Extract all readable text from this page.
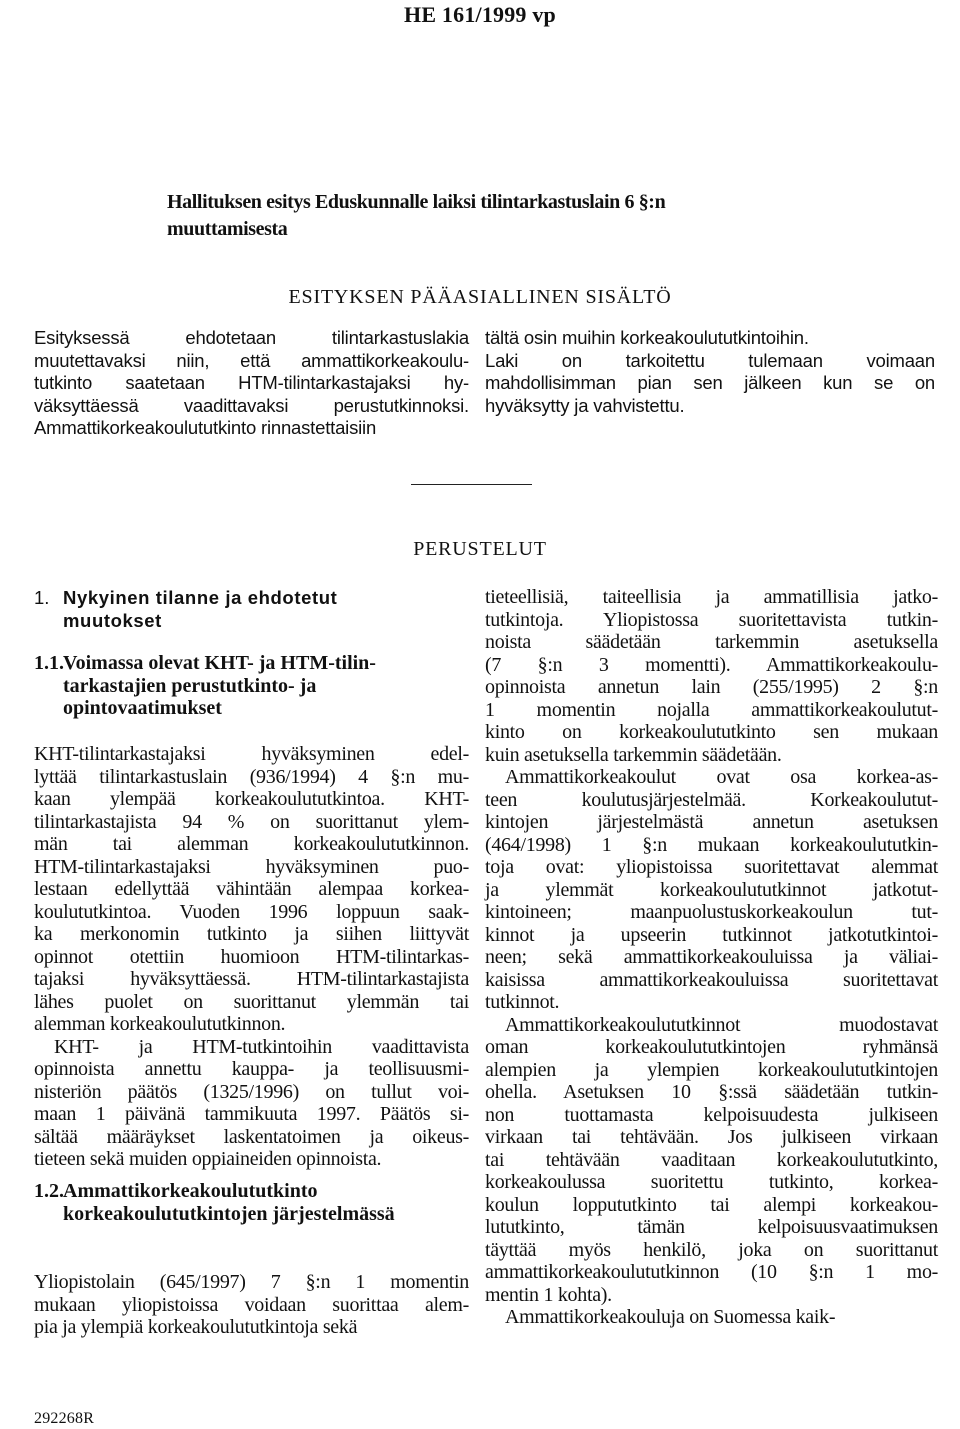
HE 161/1999 vp
Hallituksen esitys Eduskunnalle laiksi tilintarkastuslain 6 §:n
muuttamisesta
ESITYKSEN PÄÄASIALLINEN SISÄLTÖ
Esityksessä ehdotetaan tilintarkastuslakia
muutettavaksi niin, että ammattikorkeakoulu-
tutkinto saatetaan HTM-tilintarkastajaksi hy-
väksyttäessä vaadittavaksi perustutkinnoksi.
Ammattikorkeakoulututkinto rinnastettaisiin
tältä osin muihin korkeakoulututkintoihin.
Laki on tarkoitettu tulemaan voimaan
mahdollisimman pian sen jälkeen kun se on
hyväksytty ja vahvistettu.
PERUSTELUT
1. Nykyinen tilanne ja ehdotetut
muutokset
1.1.Voimassa olevat KHT- ja HTM-tilin-
tarkastajien perustutkinto- ja
opintovaatimukset
KHT-tilintarkastajaksi hyväksyminen edel-
lyttää tilintarkastuslain (936/1994) 4 §:n mu-
kaan ylempää korkeakoulututkintoa. KHT-
tilintarkastajista 94 % on suorittanut ylem-
män tai alemman korkeakoulututkinnon.
HTM-tilintarkastajaksi hyväksyminen puo-
lestaan edellyttää vähintään alempaa korkea-
koulututkintoa. Vuoden 1996 loppuun saak-
ka merkonomin tutkinto ja siihen liittyvät
opinnot otettiin huomioon HTM-tilintarkas-
tajaksi hyväksyttäessä. HTM-tilintarkastajista
lähes puolet on suorittanut ylemmän tai
alemman korkeakoulututkinnon.
KHT- ja HTM-tutkintoihin vaadittavista
opinnoista annettu kauppa- ja teollisuusmi-
nisteriön päätös (1325/1996) on tullut voi-
maan 1 päivänä tammikuuta 1997. Päätös si-
sältää määräykset laskentatoimen ja oikeus-
tieteen sekä muiden oppiaineiden opinnoista.
1.2.Ammattikorkeakoulututkinto
korkeakoulututkintojen järjestelmässä
Yliopistolain (645/1997) 7 §:n 1 momentin
mukaan yliopistoissa voidaan suorittaa alem-
pia ja ylempiä korkeakoulututkintoja sekä
tieteellisiä, taiteellisia ja ammatillisia jatko-
tutkintoja. Yliopistossa suoritettavista tutkin-
noista säädetään tarkemmin asetuksella
(7 §:n 3 momentti). Ammattikorkeakoulu-
opinnoista annetun lain (255/1995) 2 §:n
1 momentin nojalla ammattikorkeakoulutut-
kinto on korkeakoulututkinto sen mukaan
kuin asetuksella tarkemmin säädetään.
Ammattikorkeakoulut ovat osa korkea-as-
teen koulutusjärjestelmää. Korkeakoulutut-
kintojen järjestelmästä annetun asetuksen
(464/1998) 1 §:n mukaan korkeakoulututkin-
toja ovat: yliopistoissa suoritettavat alemmat
ja ylemmät korkeakoulututkinnot jatkotut-
kintoineen; maanpuolustuskorkeakoulun tut-
kinnot ja upseerin tutkinnot jatkotutkintoi-
neen; sekä ammattikorkeakouluissa ja väliai-
kaisissa ammattikorkeakouluissa suoritettavat
tutkinnot.
Ammattikorkeakoulututkinnot muodostavat
oman korkeakoulututkintojen ryhmänsä
alempien ja ylempien korkeakoulututkintojen
ohella. Asetuksen 10 §:ssä säädetään tutkin-
non tuottamasta kelpoisuudesta julkiseen
virkaan tai tehtävään. Jos julkiseen virkaan
tai tehtävään vaaditaan korkeakoulututkinto,
korkeakoulussa suoritettu tutkinto, korkea-
koulun loppututkinto tai alempi korkeakou-
lututkinto, tämän kelpoisuusvaatimuksen
täyttää myös henkilö, joka on suorittanut
ammattikorkeakoulututkinnon (10 §:n 1 mo-
mentin 1 kohta).
Ammattikorkeakouluja on Suomessa kaik-
292268R
